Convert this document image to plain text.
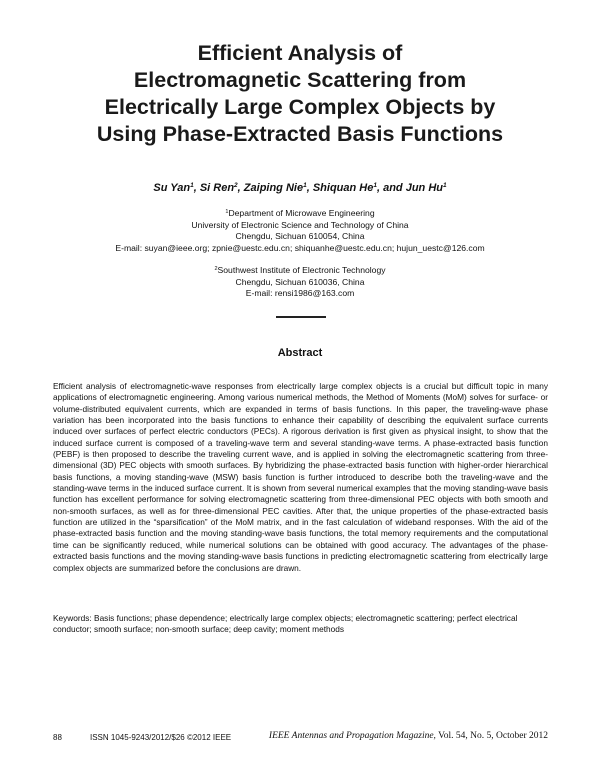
Efficient Analysis of
Electromagnetic Scattering from
Electrically Large Complex Objects by
Using Phase-Extracted Basis Functions
Su Yan$^1$, Si Ren$^2$, Zaiping Nie$^1$, Shiquan He$^1$, and Jun Hu$^1$
$^1$Department of Microwave Engineering
University of Electronic Science and Technology of China
Chengdu, Sichuan 610054, China
E-mail: suyan@ieee.org; zpnie@uestc.edu.cn; shiquanhe@uestc.edu.cn; hujun_uestc@126.com
$^2$Southwest Institute of Electronic Technology
Chengdu, Sichuan 610036, China
E-mail: rensi1986@163.com
Abstract

Efficient analysis of electromagnetic-wave responses from electrically large complex objects is a crucial but difficult topic in many applications of electromagnetic engineering. Among various numerical methods, the Method of Moments (MoM) solves for surface- or volume-distributed equivalent currents, which are expanded in terms of basis functions. In this paper, the traveling-wave phase variation has been incorporated into the basis functions to enhance their capability of describing the equivalent surface currents induced over surfaces of perfect electric conductors (PECs). A rigorous derivation is first given as physical insight, to show that the induced surface current is composed of a traveling-wave term and several standing-wave terms. A phase-extracted basis function (PEBF) is then proposed to describe the traveling current wave, and is applied in solving the electromagnetic scattering from three-dimensional (3D) PEC objects with smooth surfaces. By hybridizing the phase-extracted basis function with higher-order hierarchical basis functions, a moving standing-wave (MSW) basis function is further introduced to describe both the traveling-wave and the standing-wave terms in the induced surface current. It is shown from several numerical examples that the moving standing-wave basis function has excellent performance for solving electromagnetic scattering from three-dimensional PEC objects with both smooth and non-smooth surfaces, as well as for three-dimensional PEC cavities. After that, the unique properties of the phase-extracted basis function are utilized in the “sparsification” of the MoM matrix, and in the fast calculation of wideband responses. With the aid of the phase-extracted basis function and the moving standing-wave basis functions, the total memory requirements and the computational time can be significantly reduced, while numerical solutions can be obtained with good accuracy. The advantages of the phase-extracted basis functions and the moving standing-wave basis functions in predicting electromagnetic scattering from electrically large complex objects are summarized before the conclusions are drawn.

Keywords: Basis functions; phase dependence; electrically large complex objects; electromagnetic scattering; perfect electrical conductor; smooth surface; non-smooth surface; deep cavity; moment methods

88	ISSN 1045-9243/2012/$26 ©2012 IEEE	IEEE Antennas and Propagation Magazine, Vol. 54, No. 5, October 2012
